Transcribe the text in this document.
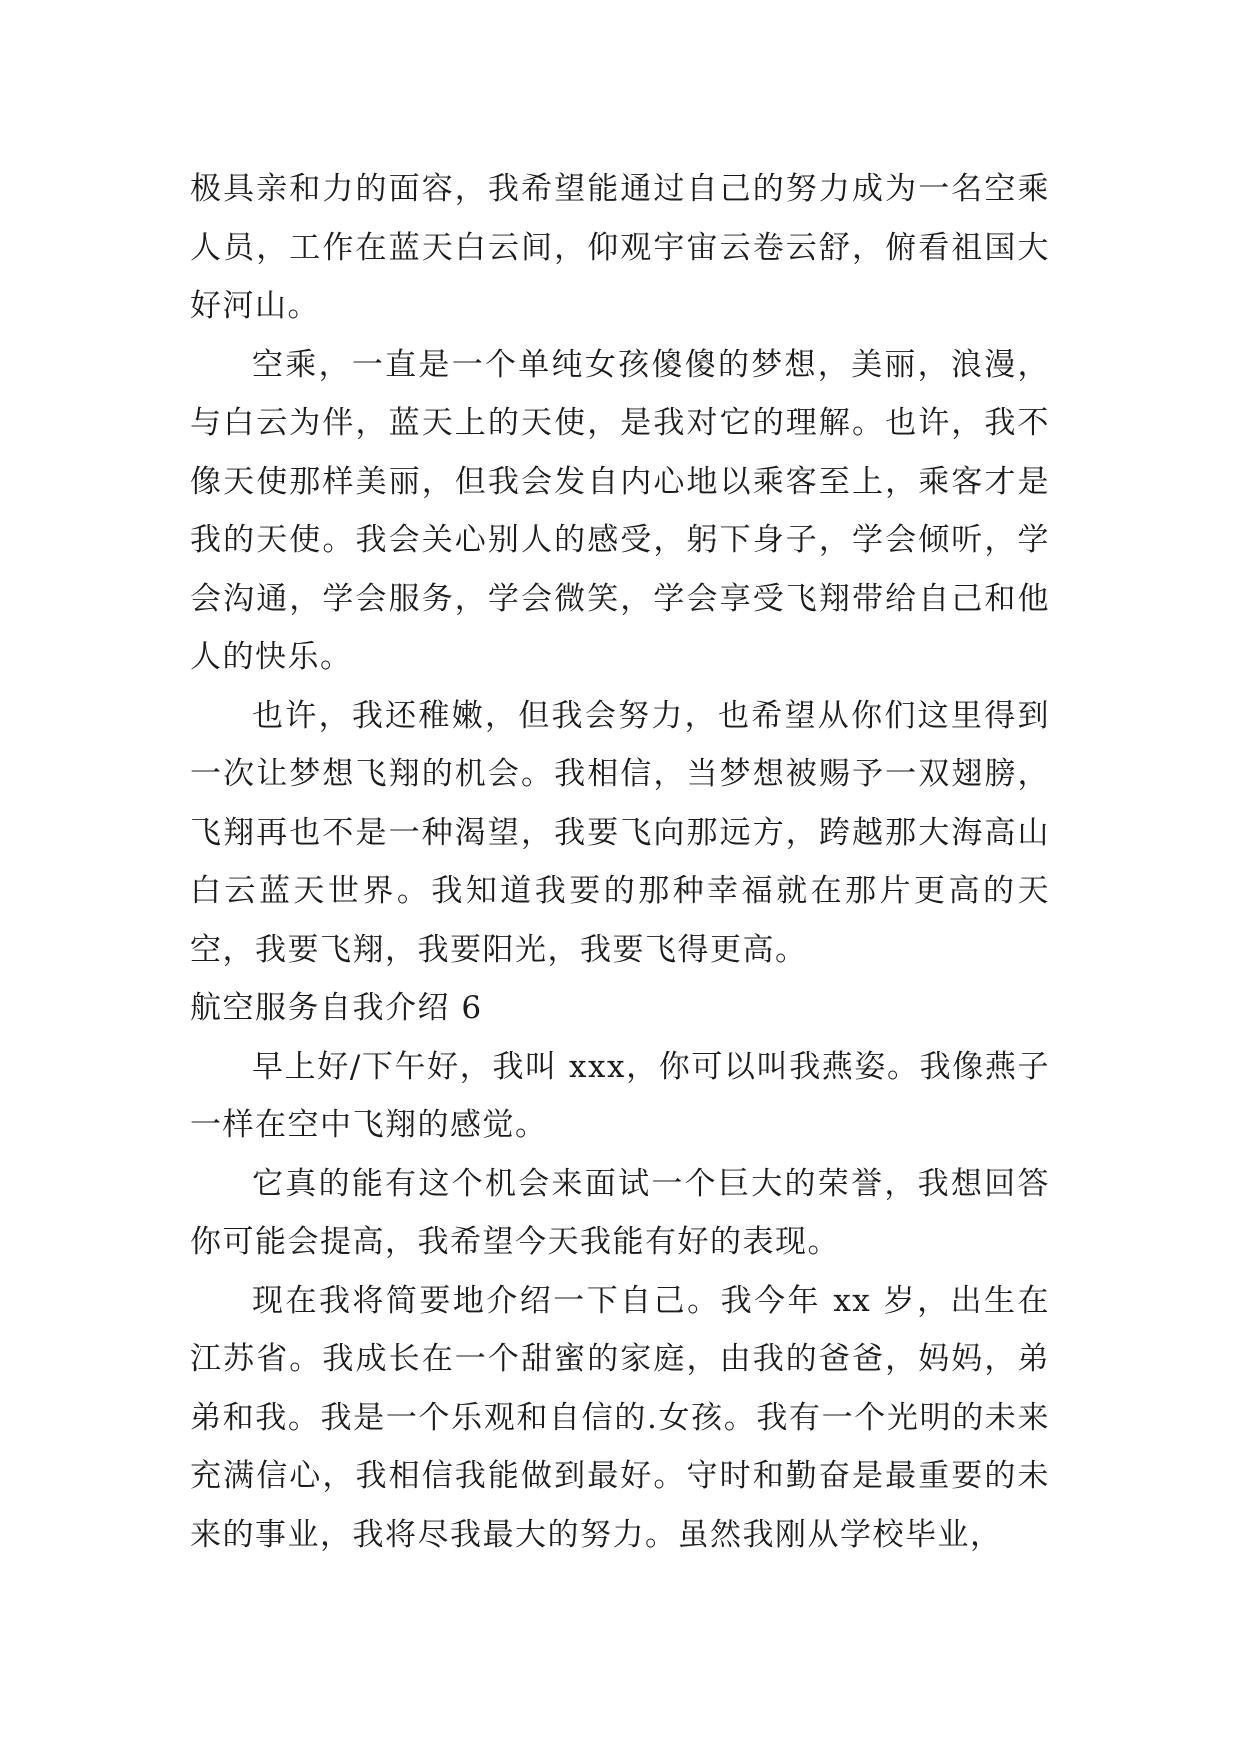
极具亲和力的面容，我希望能通过自己的努力成为一名空乘人员，工作在蓝天白云间，仰观宇宙云卷云舒，俯看祖国大好河山。

空乘，一直是一个单纯女孩傻傻的梦想，美丽，浪漫，与白云为伴，蓝天上的天使，是我对它的理解。也许，我不像天使那样美丽，但我会发自内心地以乘客至上，乘客才是我的天使。我会关心别人的感受，躬下身子，学会倾听，学会沟通，学会服务，学会微笑，学会享受飞翔带给自己和他人的快乐。

也许，我还稚嫩，但我会努力，也希望从你们这里得到一次让梦想飞翔的机会。我相信，当梦想被赐予一双翅膀，飞翔再也不是一种渴望，我要飞向那远方，跨越那大海高山白云蓝天世界。我知道我要的那种幸福就在那片更高的天空，我要飞翔，我要阳光，我要飞得更高。

航空服务自我介绍 6

早上好/下午好，我叫 xxx，你可以叫我燕姿。我像燕子一样在空中飞翔的感觉。

它真的能有这个机会来面试一个巨大的荣誉，我想回答你可能会提高，我希望今天我能有好的表现。

现在我将简要地介绍一下自己。我今年 xx 岁，出生在江苏省。我成长在一个甜蜜的家庭，由我的爸爸，妈妈，弟弟和我。我是一个乐观和自信的.女孩。我有一个光明的未来充满信心，我相信我能做到最好。守时和勤奋是最重要的未来的事业，我将尽我最大的努力。虽然我刚从学校毕业，
